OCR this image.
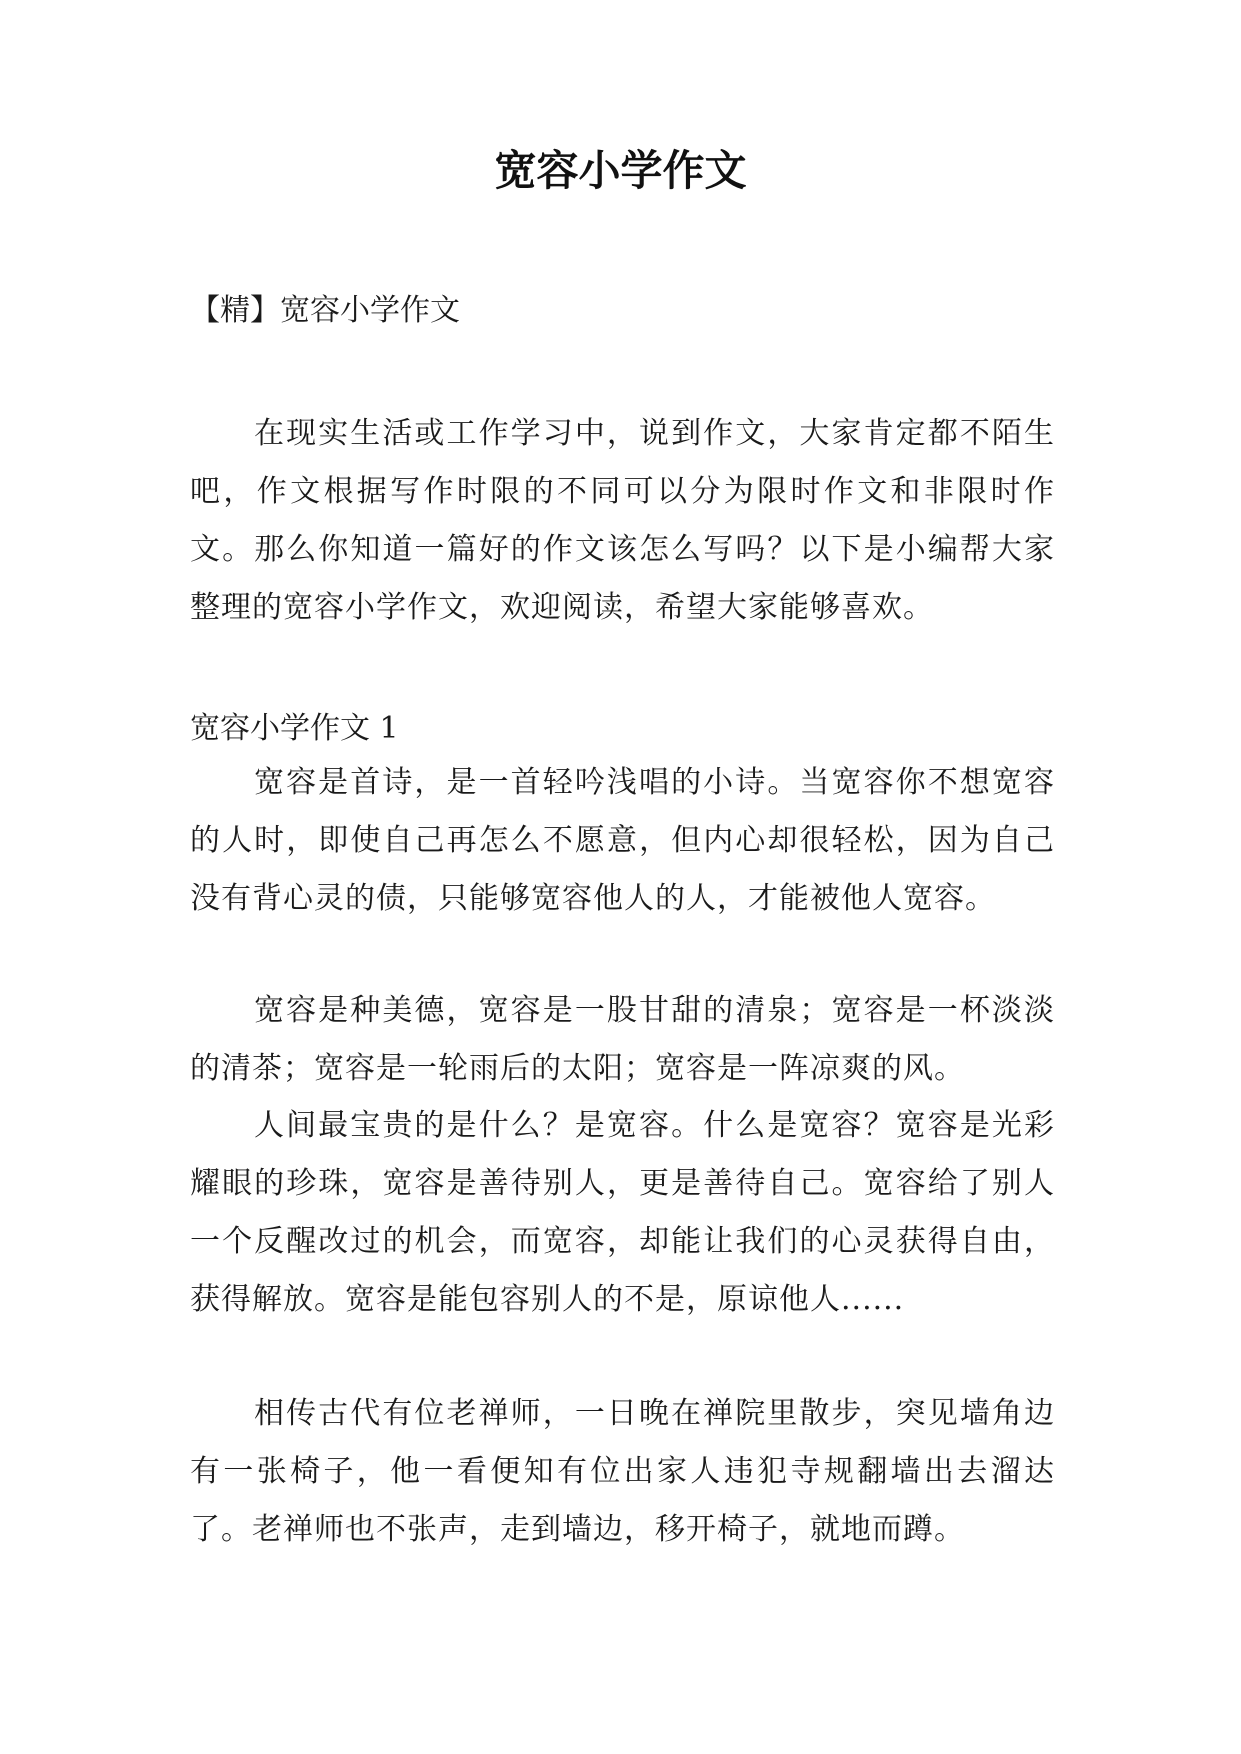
宽容小学作文
【精】宽容小学作文

在现实生活或工作学习中，说到作文，大家肯定都不陌生吧，作文根据写作时限的不同可以分为限时作文和非限时作文。那么你知道一篇好的作文该怎么写吗？以下是小编帮大家整理的宽容小学作文，欢迎阅读，希望大家能够喜欢。

宽容小学作文 1

宽容是首诗，是一首轻吟浅唱的小诗。当宽容你不想宽容的人时，即使自己再怎么不愿意，但内心却很轻松，因为自己没有背心灵的债，只能够宽容他人的人，才能被他人宽容。

宽容是种美德，宽容是一股甘甜的清泉；宽容是一杯淡淡的清茶；宽容是一轮雨后的太阳；宽容是一阵凉爽的风。

人间最宝贵的是什么？是宽容。什么是宽容？宽容是光彩耀眼的珍珠，宽容是善待别人，更是善待自己。宽容给了别人一个反醒改过的机会，而宽容，却能让我们的心灵获得自由，获得解放。宽容是能包容别人的不是，原谅他人......

相传古代有位老禅师，一日晚在禅院里散步，突见墙角边有一张椅子，他一看便知有位出家人违犯寺规翻墙出去溜达了。老禅师也不张声，走到墙边，移开椅子，就地而蹲。
